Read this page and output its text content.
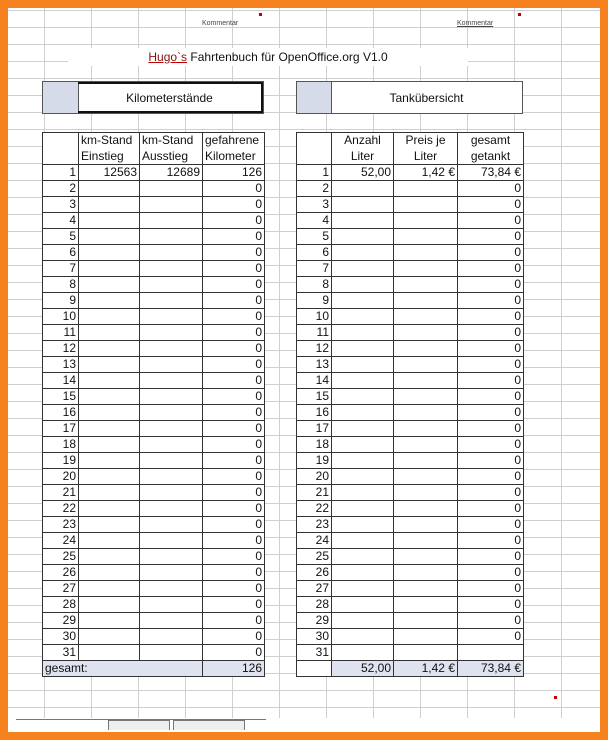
Kommentar	Kommentar
Hugo`s Fahrtenbuch für OpenOffice.org V1.0
Kilometerstände	Tankübersicht
	km-Stand	km-Stand	gefahrene
	Einstieg	Ausstieg	Kilometer
1	12563	12689	126
2			0
3			0
4			0
5			0
6			0
7			0
8			0
9			0
10			0
11			0
12			0
13			0
14			0
15			0
16			0
17			0
18			0
19			0
20			0
21			0
22			0
23			0
24			0
25			0
26			0
27			0
28			0
29			0
30			0
31			0
gesamt:			126
	Anzahl	Preis je	gesamt
	Liter	Liter	getankt
1	52,00	1,42 €	73,84 €
2			0
3			0
4			0
5			0
6			0
7			0
8			0
9			0
10			0
11			0
12			0
13			0
14			0
15			0
16			0
17			0
18			0
19			0
20			0
21			0
22			0
23			0
24			0
25			0
26			0
27			0
28			0
29			0
30			0
31			
	52,00	1,42 €	73,84 €
